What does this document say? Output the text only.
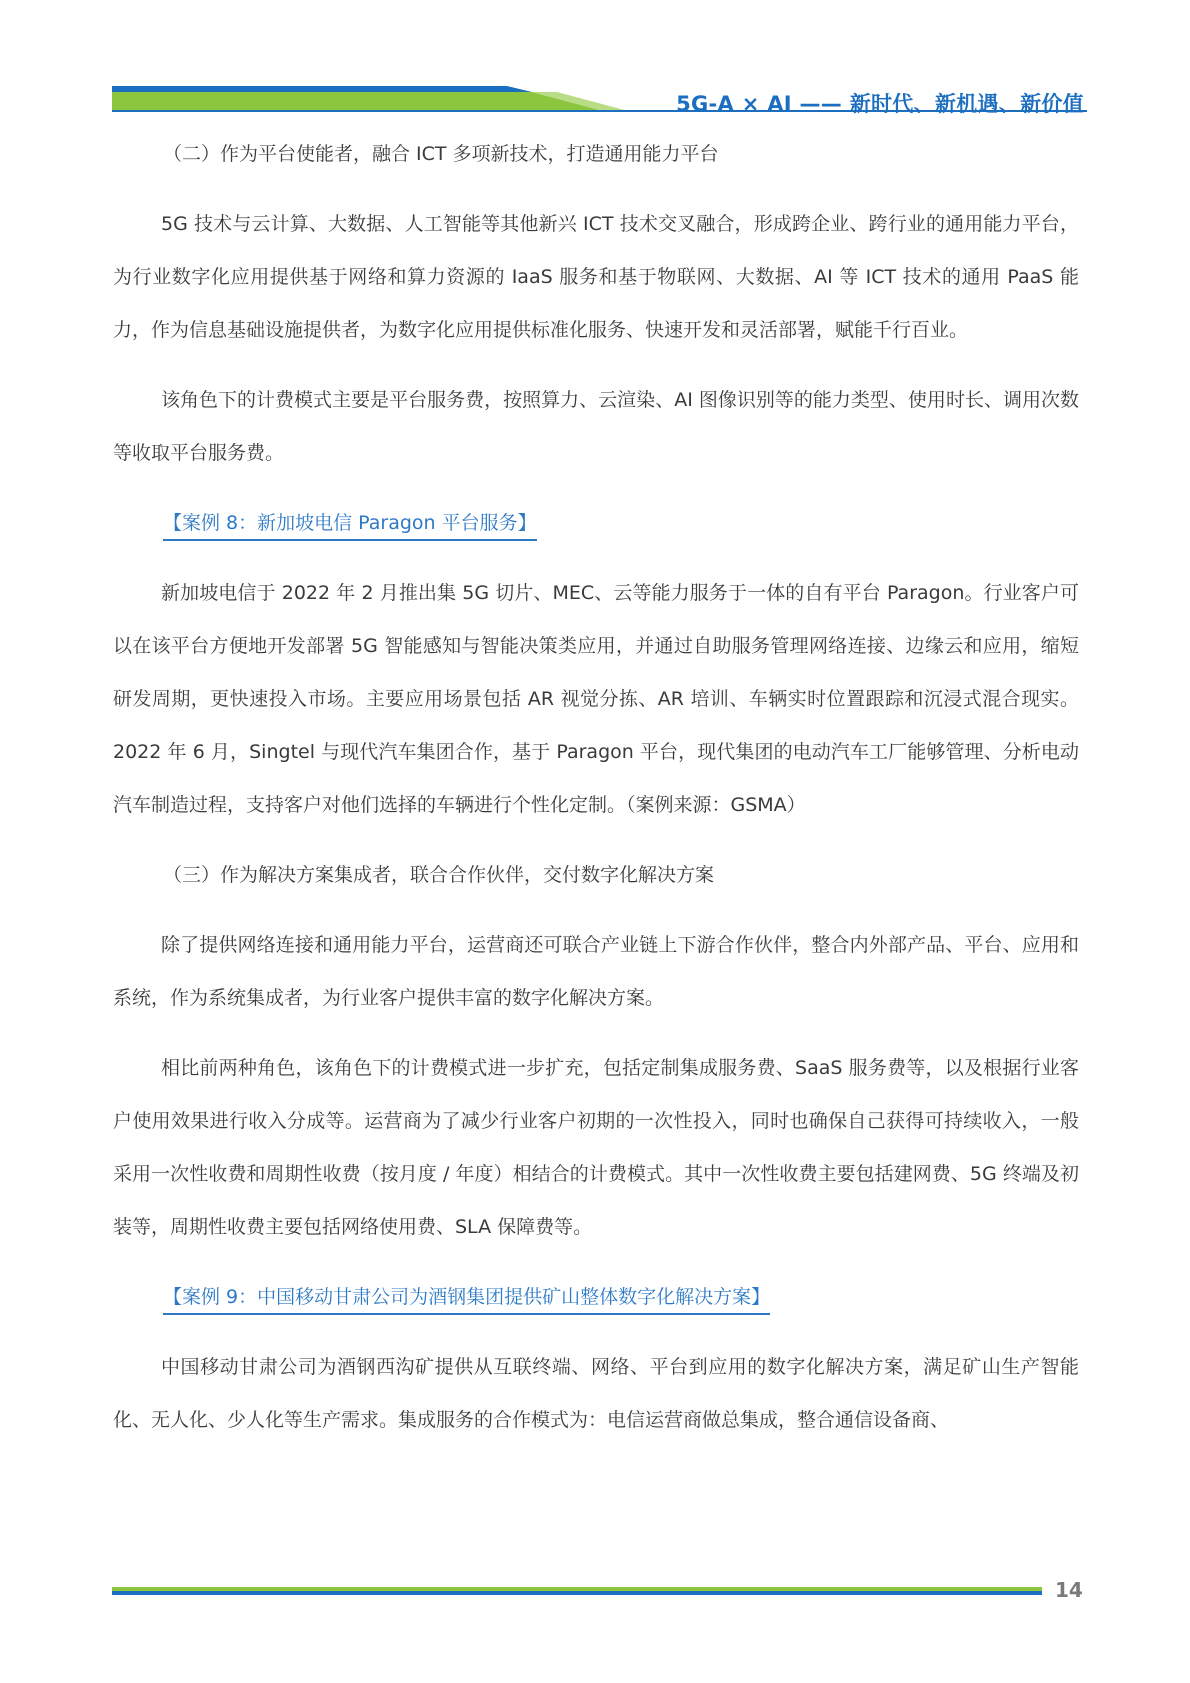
5G-A × AI —— 新时代、新机遇、新价值

（二）作为平台使能者，融合 ICT 多项新技术，打造通用能力平台

5G 技术与云计算、大数据、人工智能等其他新兴 ICT 技术交叉融合，形成跨企业、跨行业的通用能力平台，为行业数字化应用提供基于网络和算力资源的 IaaS 服务和基于物联网、大数据、AI 等 ICT 技术的通用 PaaS 能力，作为信息基础设施提供者，为数字化应用提供标准化服务、快速开发和灵活部署，赋能千行百业。

该角色下的计费模式主要是平台服务费，按照算力、云渲染、AI 图像识别等的能力类型、使用时长、调用次数等收取平台服务费。

【案例 8：新加坡电信 Paragon 平台服务】

新加坡电信于 2022 年 2 月推出集 5G 切片、MEC、云等能力服务于一体的自有平台 Paragon。行业客户可以在该平台方便地开发部署 5G 智能感知与智能决策类应用，并通过自助服务管理网络连接、边缘云和应用，缩短研发周期，更快速投入市场。主要应用场景包括 AR 视觉分拣、AR 培训、车辆实时位置跟踪和沉浸式混合现实。2022 年 6 月，Singtel 与现代汽车集团合作，基于 Paragon 平台，现代集团的电动汽车工厂能够管理、分析电动汽车制造过程，支持客户对他们选择的车辆进行个性化定制。（案例来源：GSMA）

（三）作为解决方案集成者，联合合作伙伴，交付数字化解决方案

除了提供网络连接和通用能力平台，运营商还可联合产业链上下游合作伙伴，整合内外部产品、平台、应用和系统，作为系统集成者，为行业客户提供丰富的数字化解决方案。

相比前两种角色，该角色下的计费模式进一步扩充，包括定制集成服务费、SaaS 服务费等，以及根据行业客户使用效果进行收入分成等。运营商为了减少行业客户初期的一次性投入，同时也确保自己获得可持续收入，一般采用一次性收费和周期性收费（按月度 / 年度）相结合的计费模式。其中一次性收费主要包括建网费、5G 终端及初装等，周期性收费主要包括网络使用费、SLA 保障费等。

【案例 9：中国移动甘肃公司为酒钢集团提供矿山整体数字化解决方案】

中国移动甘肃公司为酒钢西沟矿提供从互联终端、网络、平台到应用的数字化解决方案，满足矿山生产智能化、无人化、少人化等生产需求。集成服务的合作模式为：电信运营商做总集成，整合通信设备商、

14
